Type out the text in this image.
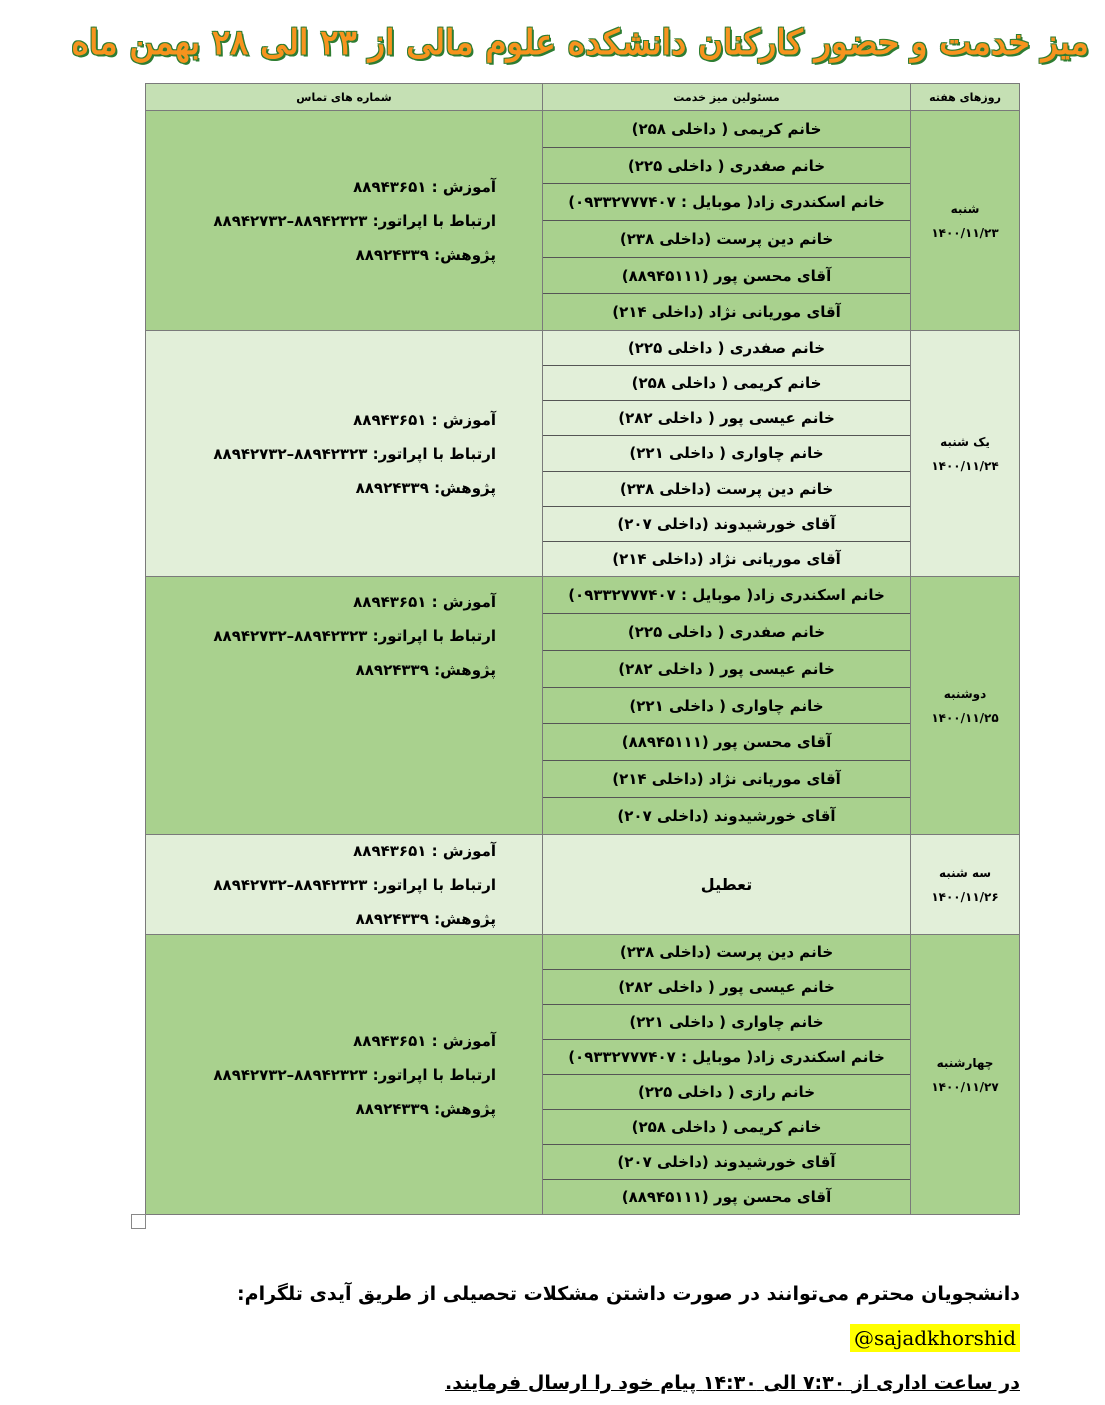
میز خدمت و حضور کارکنان دانشکده علوم مالی از ۲۳ الی ۲۸ بهمن ماه
روزهای هفته
مسئولین میز خدمت
شماره های تماس
شنبه
۱۴۰۰/۱۱/۲۳
خانم کریمی ( داخلی ۲۵۸)
خانم صفدری ( داخلی ۲۲۵)
خانم اسکندری زاد( موبایل : ۰۹۳۳۲۷۷۷۴۰۷)
خانم دین پرست (داخلی ۲۳۸)
آقای محسن پور (۸۸۹۴۵۱۱۱)
آقای موریانی نژاد (داخلی ۲۱۴)
آموزش : ۸۸۹۴۳۶۵۱
ارتباط با اپراتور: ۸۸۹۴۲۳۲۳–۸۸۹۴۲۷۳۲
پژوهش: ۸۸۹۲۴۳۳۹
یک شنبه
۱۴۰۰/۱۱/۲۴
خانم صفدری ( داخلی ۲۲۵)
خانم کریمی ( داخلی ۲۵۸)
خانم عیسی پور ( داخلی ۲۸۲)
خانم چاواری ( داخلی ۲۲۱)
خانم دین پرست (داخلی ۲۳۸)
آقای خورشیدوند (داخلی ۲۰۷)
آقای موریانی نژاد (داخلی ۲۱۴)
آموزش : ۸۸۹۴۳۶۵۱
ارتباط با اپراتور: ۸۸۹۴۲۳۲۳–۸۸۹۴۲۷۳۲
پژوهش: ۸۸۹۲۴۳۳۹
دوشنبه
۱۴۰۰/۱۱/۲۵
خانم اسکندری زاد( موبایل : ۰۹۳۳۲۷۷۷۴۰۷)
خانم صفدری ( داخلی ۲۲۵)
خانم عیسی پور ( داخلی ۲۸۲)
خانم چاواری ( داخلی ۲۲۱)
آقای محسن پور (۸۸۹۴۵۱۱۱)
آقای موریانی نژاد (داخلی ۲۱۴)
آقای خورشیدوند (داخلی ۲۰۷)
آموزش : ۸۸۹۴۳۶۵۱
ارتباط با اپراتور: ۸۸۹۴۲۳۲۳–۸۸۹۴۲۷۳۲
پژوهش: ۸۸۹۲۴۳۳۹
سه شنبه
۱۴۰۰/۱۱/۲۶
تعطیل
آموزش : ۸۸۹۴۳۶۵۱
ارتباط با اپراتور: ۸۸۹۴۲۳۲۳–۸۸۹۴۲۷۳۲
پژوهش: ۸۸۹۲۴۳۳۹
چهارشنبه
۱۴۰۰/۱۱/۲۷
خانم دین پرست (داخلی ۲۳۸)
خانم عیسی پور ( داخلی ۲۸۲)
خانم چاواری ( داخلی ۲۲۱)
خانم اسکندری زاد( موبایل : ۰۹۳۳۲۷۷۷۴۰۷)
خانم رازی ( داخلی ۲۲۵)
خانم کریمی ( داخلی ۲۵۸)
آقای خورشیدوند (داخلی ۲۰۷)
آقای محسن پور (۸۸۹۴۵۱۱۱)
آموزش : ۸۸۹۴۳۶۵۱
ارتباط با اپراتور: ۸۸۹۴۲۳۲۳–۸۸۹۴۲۷۳۲
پژوهش: ۸۸۹۲۴۳۳۹
دانشجویان محترم می‌توانند در صورت داشتن مشکلات تحصیلی از طریق آیدی تلگرام: @sajadkhorshid
در ساعت اداری از ۷:۳۰ الی ۱۴:۳۰ پیام خود را ارسال فرمایند.
